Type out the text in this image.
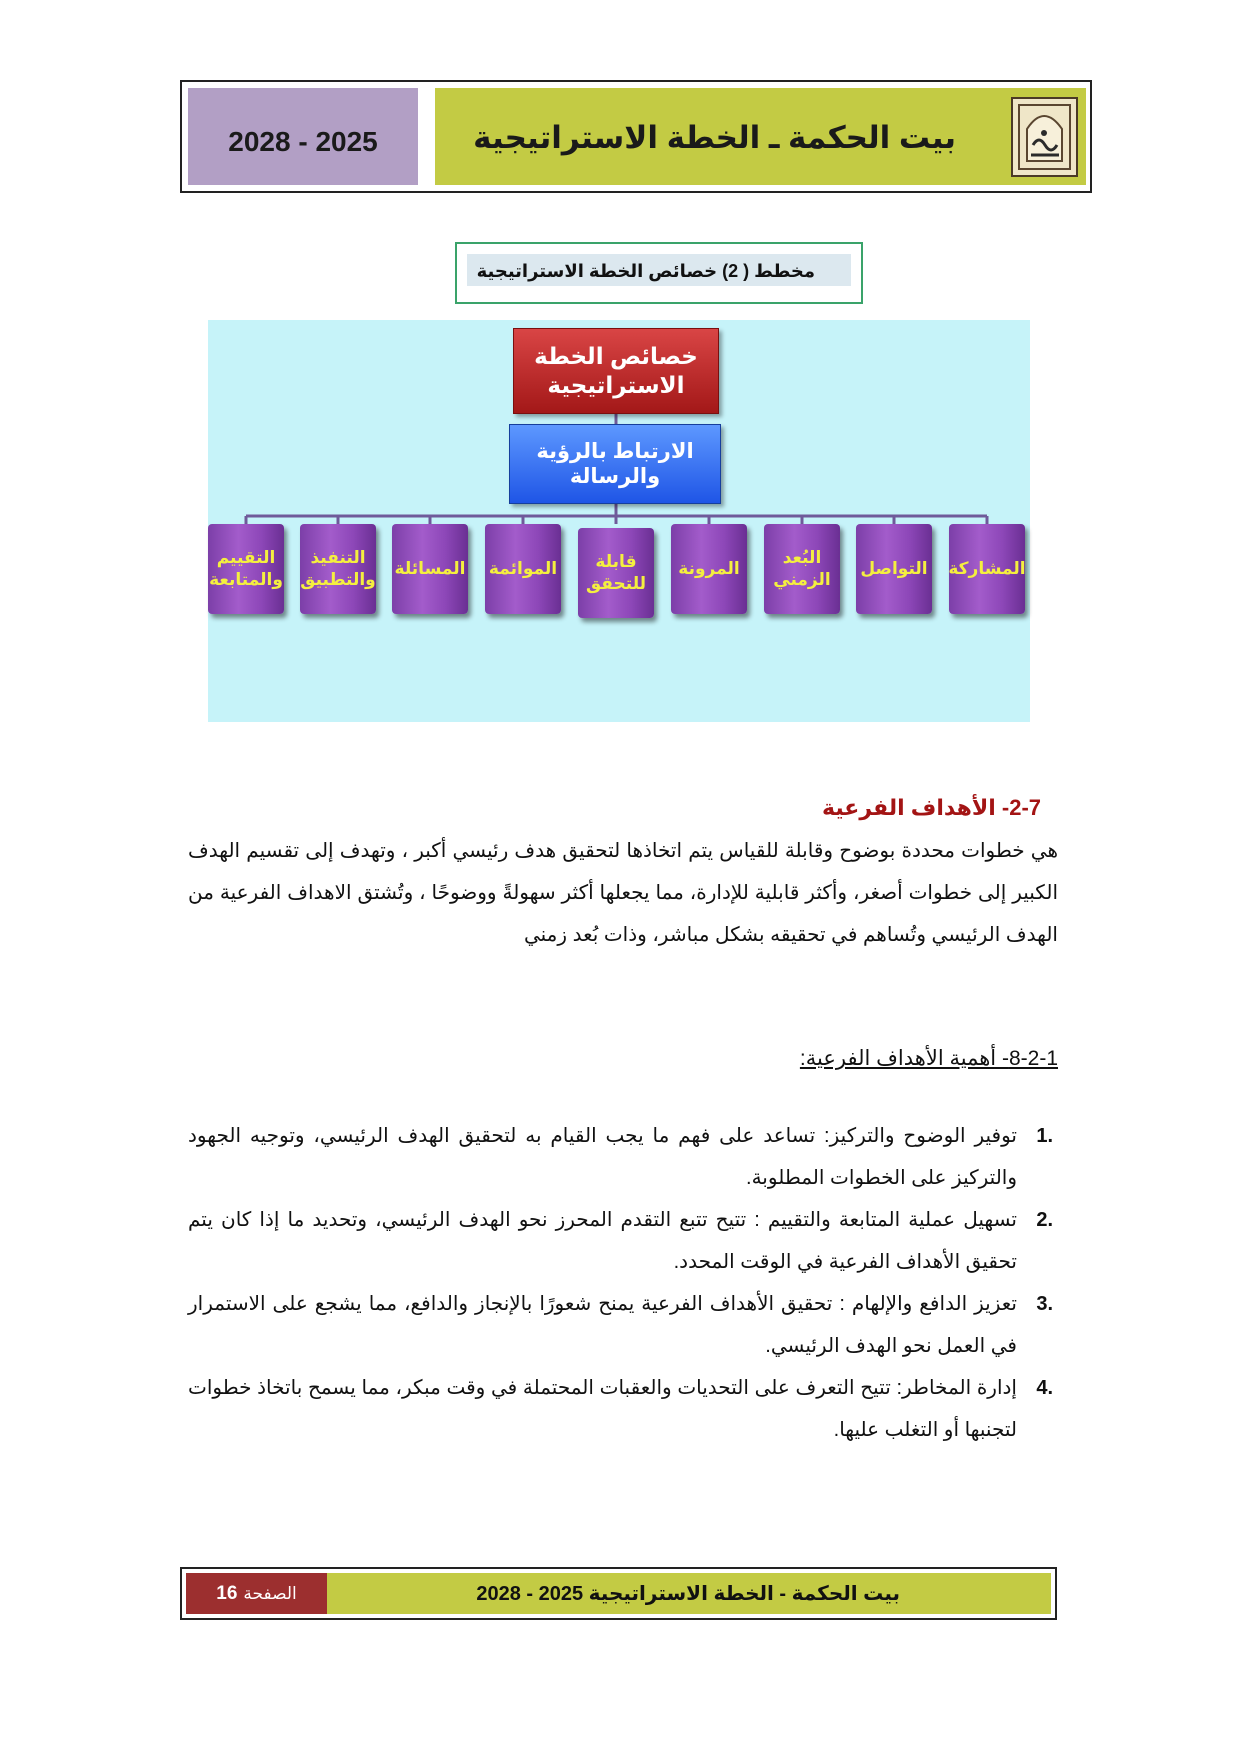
2028 - 2025	بيت الحكمة ـ الخطة الاستراتيجية
مخطط ( 2) خصائص الخطة الاستراتيجية
خصائص الخطة الاستراتيجية
الارتباط بالرؤية والرسالة
المشاركة
التواصل
البُعد الزمني
المرونة
قابلة للتحقق
الموائمة
المسائلة
التنفيذ والتطبيق
التقييم والمتابعة
2-7- الأهداف الفرعية
هي خطوات محددة بوضوح وقابلة للقياس يتم اتخاذها لتحقيق هدف رئيسي أكبر ، وتهدف إلى تقسيم الهدف الكبير إلى خطوات أصغر، وأكثر قابلية للإدارة، مما يجعلها أكثر سهولةً ووضوحًا ، وتُشتق الاهداف الفرعية من الهدف الرئيسي وتُساهم في تحقيقه بشكل مباشر، وذات بُعد زمني
8-2-1- أهمية الأهداف الفرعية:
.1
توفير الوضوح والتركيز: تساعد على فهم ما يجب القيام به لتحقيق الهدف الرئيسي، وتوجيه الجهود والتركيز على الخطوات المطلوبة.
.2
تسهيل عملية المتابعة والتقييم : تتيح تتبع التقدم المحرز نحو الهدف الرئيسي، وتحديد ما إذا كان يتم تحقيق الأهداف الفرعية في الوقت المحدد.
.3
تعزيز الدافع والإلهام : تحقيق الأهداف الفرعية يمنح شعورًا بالإنجاز والدافع، مما يشجع على الاستمرار في العمل نحو الهدف الرئيسي.
.4
إدارة المخاطر: تتيح التعرف على التحديات والعقبات المحتملة في وقت مبكر، مما يسمح باتخاذ خطوات لتجنبها أو التغلب عليها.
الصفحة
16	بيت الحكمة - الخطة الاستراتيجية 2025 - 2028
